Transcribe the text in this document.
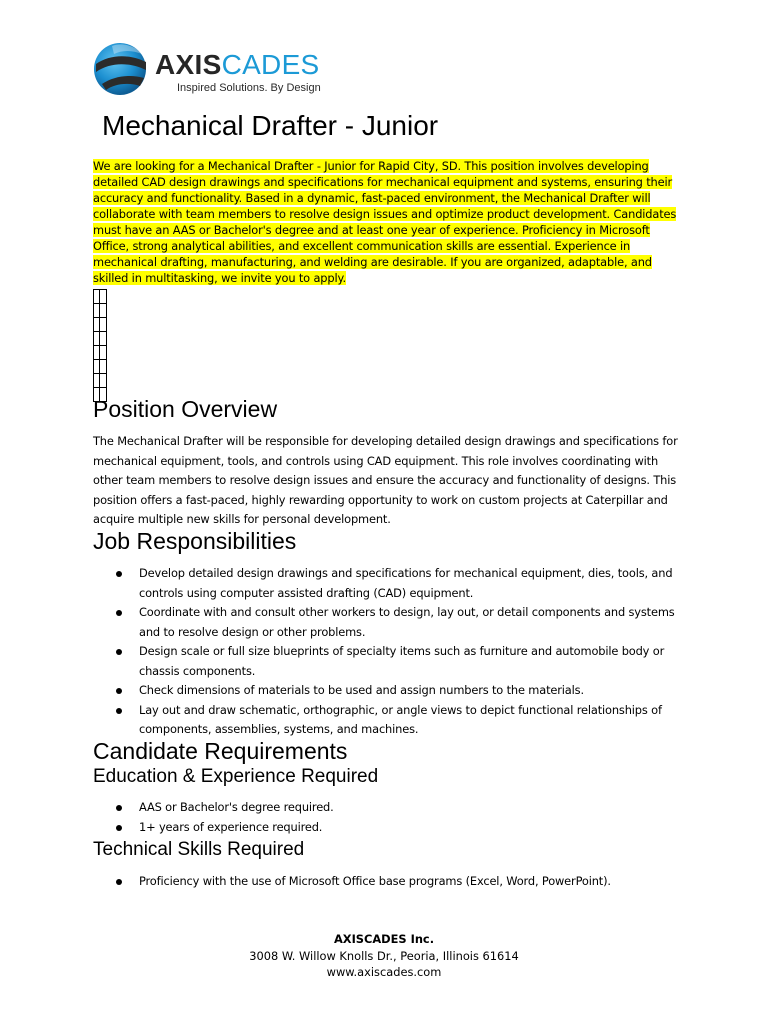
AXISCADES
Inspired Solutions. By Design
Mechanical Drafter - Junior
We are looking for a Mechanical Drafter - Junior for Rapid City, SD. This position involves developing detailed CAD design drawings and specifications for mechanical equipment and systems, ensuring their accuracy and functionality. Based in a dynamic, fast-paced environment, the Mechanical Drafter will collaborate with team members to resolve design issues and optimize product development. Candidates must have an AAS or Bachelor's degree and at least one year of experience. Proficiency in Microsoft Office, strong analytical abilities, and excellent communication skills are essential. Experience in mechanical drafting, manufacturing, and welding are desirable. If you are organized, adaptable, and skilled in multitasking, we invite you to apply.
Position Overview
The Mechanical Drafter will be responsible for developing detailed design drawings and specifications for mechanical equipment, tools, and controls using CAD equipment. This role involves coordinating with other team members to resolve design issues and ensure the accuracy and functionality of designs. This position offers a fast-paced, highly rewarding opportunity to work on custom projects at Caterpillar and acquire multiple new skills for personal development.
Job Responsibilities
Develop detailed design drawings and specifications for mechanical equipment, dies, tools, and controls using computer assisted drafting (CAD) equipment.
Coordinate with and consult other workers to design, lay out, or detail components and systems and to resolve design or other problems.
Design scale or full size blueprints of specialty items such as furniture and automobile body or chassis components.
Check dimensions of materials to be used and assign numbers to the materials.
Lay out and draw schematic, orthographic, or angle views to depict functional relationships of components, assemblies, systems, and machines.
Candidate Requirements
Education & Experience Required
AAS or Bachelor's degree required.
1+ years of experience required.
Technical Skills Required
Proficiency with the use of Microsoft Office base programs (Excel, Word, PowerPoint).
AXISCADES Inc.
3008 W. Willow Knolls Dr., Peoria, Illinois 61614
www.axiscades.com
